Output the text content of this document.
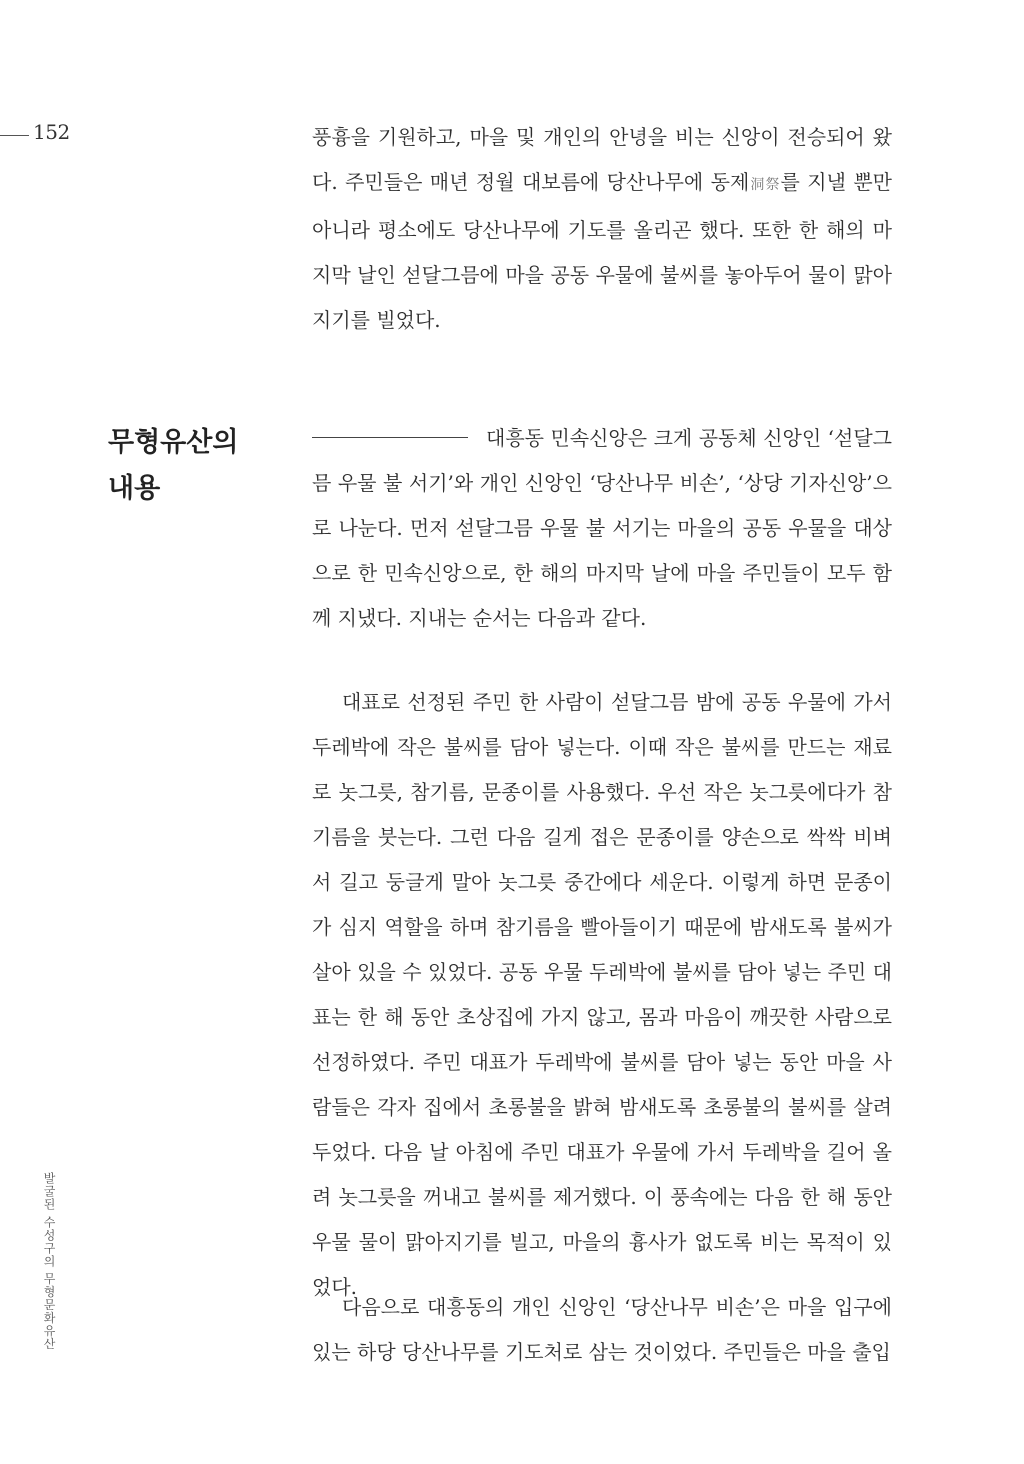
152
발굴된 수성구의 무형문화유산

풍흉을 기원하고, 마을 및 개인의 안녕을 비는 신앙이 전승되어 왔다. 주민들은 매년 정월 대보름에 당산나무에 동제洞祭를 지낼 뿐만 아니라 평소에도 당산나무에 기도를 올리곤 했다. 또한 한 해의 마지막 날인 섣달그믐에 마을 공동 우물에 불씨를 놓아두어 물이 맑아지기를 빌었다.

무형유산의
내용

대흥동 민속신앙은 크게 공동체 신앙인 ‘섣달그믐 우물 불 서기’와 개인 신앙인 ‘당산나무 비손’, ‘상당 기자신앙’으로 나눈다. 먼저 섣달그믐 우물 불 서기는 마을의 공동 우물을 대상으로 한 민속신앙으로, 한 해의 마지막 날에 마을 주민들이 모두 함께 지냈다. 지내는 순서는 다음과 같다.

대표로 선정된 주민 한 사람이 섣달그믐 밤에 공동 우물에 가서 두레박에 작은 불씨를 담아 넣는다. 이때 작은 불씨를 만드는 재료로 놋그릇, 참기름, 문종이를 사용했다. 우선 작은 놋그릇에다가 참기름을 붓는다. 그런 다음 길게 접은 문종이를 양손으로 싹싹 비벼서 길고 둥글게 말아 놋그릇 중간에다 세운다. 이렇게 하면 문종이가 심지 역할을 하며 참기름을 빨아들이기 때문에 밤새도록 불씨가 살아 있을 수 있었다. 공동 우물 두레박에 불씨를 담아 넣는 주민 대표는 한 해 동안 초상집에 가지 않고, 몸과 마음이 깨끗한 사람으로 선정하였다. 주민 대표가 두레박에 불씨를 담아 넣는 동안 마을 사람들은 각자 집에서 초롱불을 밝혀 밤새도록 초롱불의 불씨를 살려 두었다. 다음 날 아침에 주민 대표가 우물에 가서 두레박을 길어 올려 놋그릇을 꺼내고 불씨를 제거했다. 이 풍속에는 다음 한 해 동안 우물 물이 맑아지기를 빌고, 마을의 흉사가 없도록 비는 목적이 있었다.

다음으로 대흥동의 개인 신앙인 ‘당산나무 비손’은 마을 입구에 있는 하당 당산나무를 기도처로 삼는 것이었다. 주민들은 마을 출입
